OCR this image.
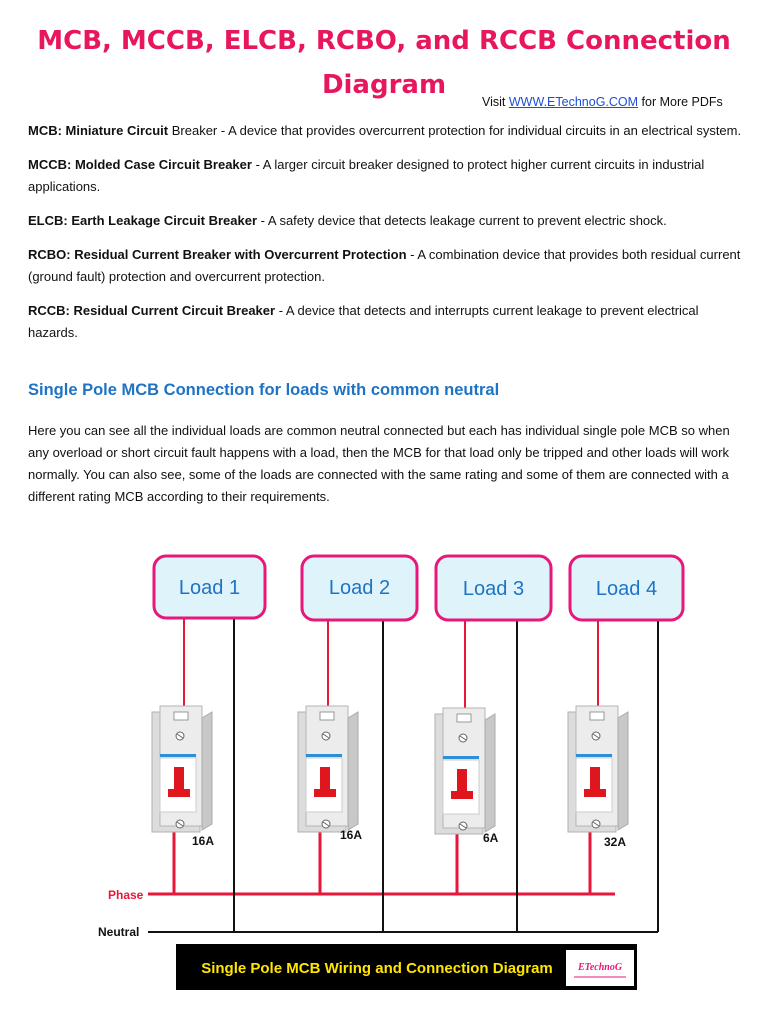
MCB, MCCB, ELCB, RCBO, and RCCB Connection
Diagram
Visit WWW.ETechnoG.COM for More PDFs

MCB: Miniature Circuit Breaker - A device that provides overcurrent protection for individual circuits in an electrical system.

MCCB: Molded Case Circuit Breaker - A larger circuit breaker designed to protect higher current circuits in industrial applications.

ELCB: Earth Leakage Circuit Breaker - A safety device that detects leakage current to prevent electric shock.

RCBO: Residual Current Breaker with Overcurrent Protection - A combination device that provides both residual current (ground fault) protection and overcurrent protection.

RCCB: Residual Current Circuit Breaker - A device that detects and interrupts current leakage to prevent electrical hazards.

Single Pole MCB Connection for loads with common neutral

Here you can see all the individual loads are common neutral connected but each has individual single pole MCB so when any overload or short circuit fault happens with a load, then the MCB for that load only be tripped and other loads will work normally. You can also see, some of the loads are connected with the same rating and some of them are connected with a different rating MCB according to their requirements.

Load 1	Load 2	Load 3	Load 4
16A	16A	6A	32A
Phase
Neutral
Single Pole MCB Wiring and Connection Diagram	ETechnoG
